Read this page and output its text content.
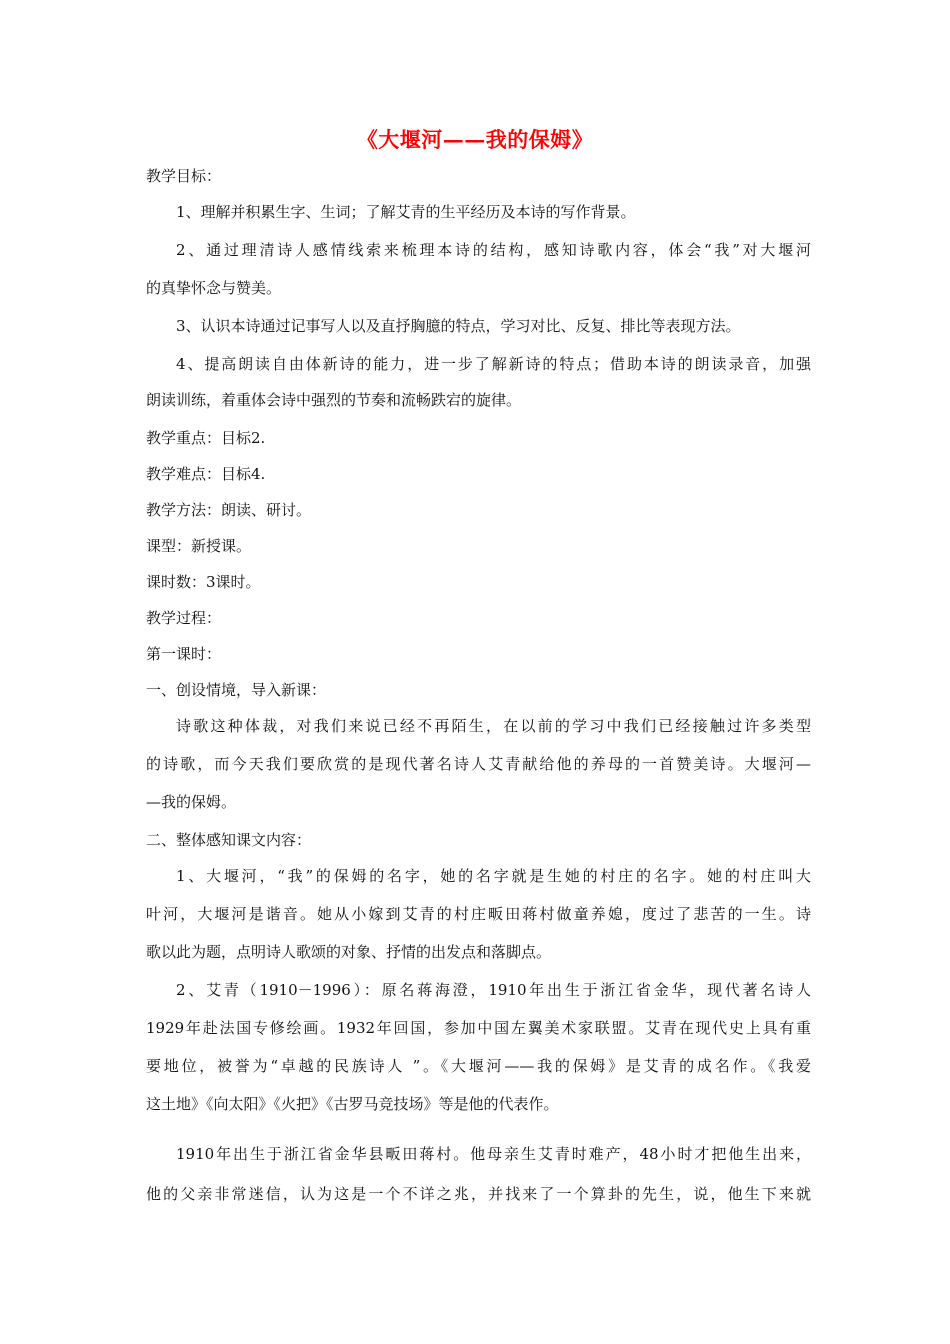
《大堰河——我的保姆》
教学目标：
1、理解并积累生字、生词；了解艾青的生平经历及本诗的写作背景。
2、通过理清诗人感情线索来梳理本诗的结构，感知诗歌内容，体会“我”对大堰河
的真挚怀念与赞美。
3、认识本诗通过记事写人以及直抒胸臆的特点，学习对比、反复、排比等表现方法。
4、提高朗读自由体新诗的能力，进一步了解新诗的特点；借助本诗的朗读录音，加强
朗读训练，着重体会诗中强烈的节奏和流畅跌宕的旋律。
教学重点：目标2.
教学难点：目标4.
教学方法：朗读、研讨。
课型：新授课。
课时数：3课时。
教学过程：
第一课时：
一、创设情境，导入新课：
诗歌这种体裁，对我们来说已经不再陌生，在以前的学习中我们已经接触过许多类型
的诗歌，而今天我们要欣赏的是现代著名诗人艾青献给他的养母的一首赞美诗。大堰河—
—我的保姆。
二、整体感知课文内容：
1、大堰河，“我”的保姆的名字，她的名字就是生她的村庄的名字。她的村庄叫大
叶河，大堰河是谐音。她从小嫁到艾青的村庄畈田蒋村做童养媳，度过了悲苦的一生。诗
歌以此为题，点明诗人歌颂的对象、抒情的出发点和落脚点。
2、艾青（1910－1996）：原名蒋海澄，1910年出生于浙江省金华，现代著名诗人
1929年赴法国专修绘画。1932年回国，参加中国左翼美术家联盟。艾青在现代史上具有重
要地位，被誉为“卓越的民族诗人 ”。《大堰河——我的保姆》是艾青的成名作。《我爱
这土地》《向太阳》《火把》《古罗马竞技场》等是他的代表作。
1910年出生于浙江省金华县畈田蒋村。他母亲生艾青时难产，48小时才把他生出来，
他的父亲非常迷信，认为这是一个不详之兆，并找来了一个算卦的先生，说，他生下来就
